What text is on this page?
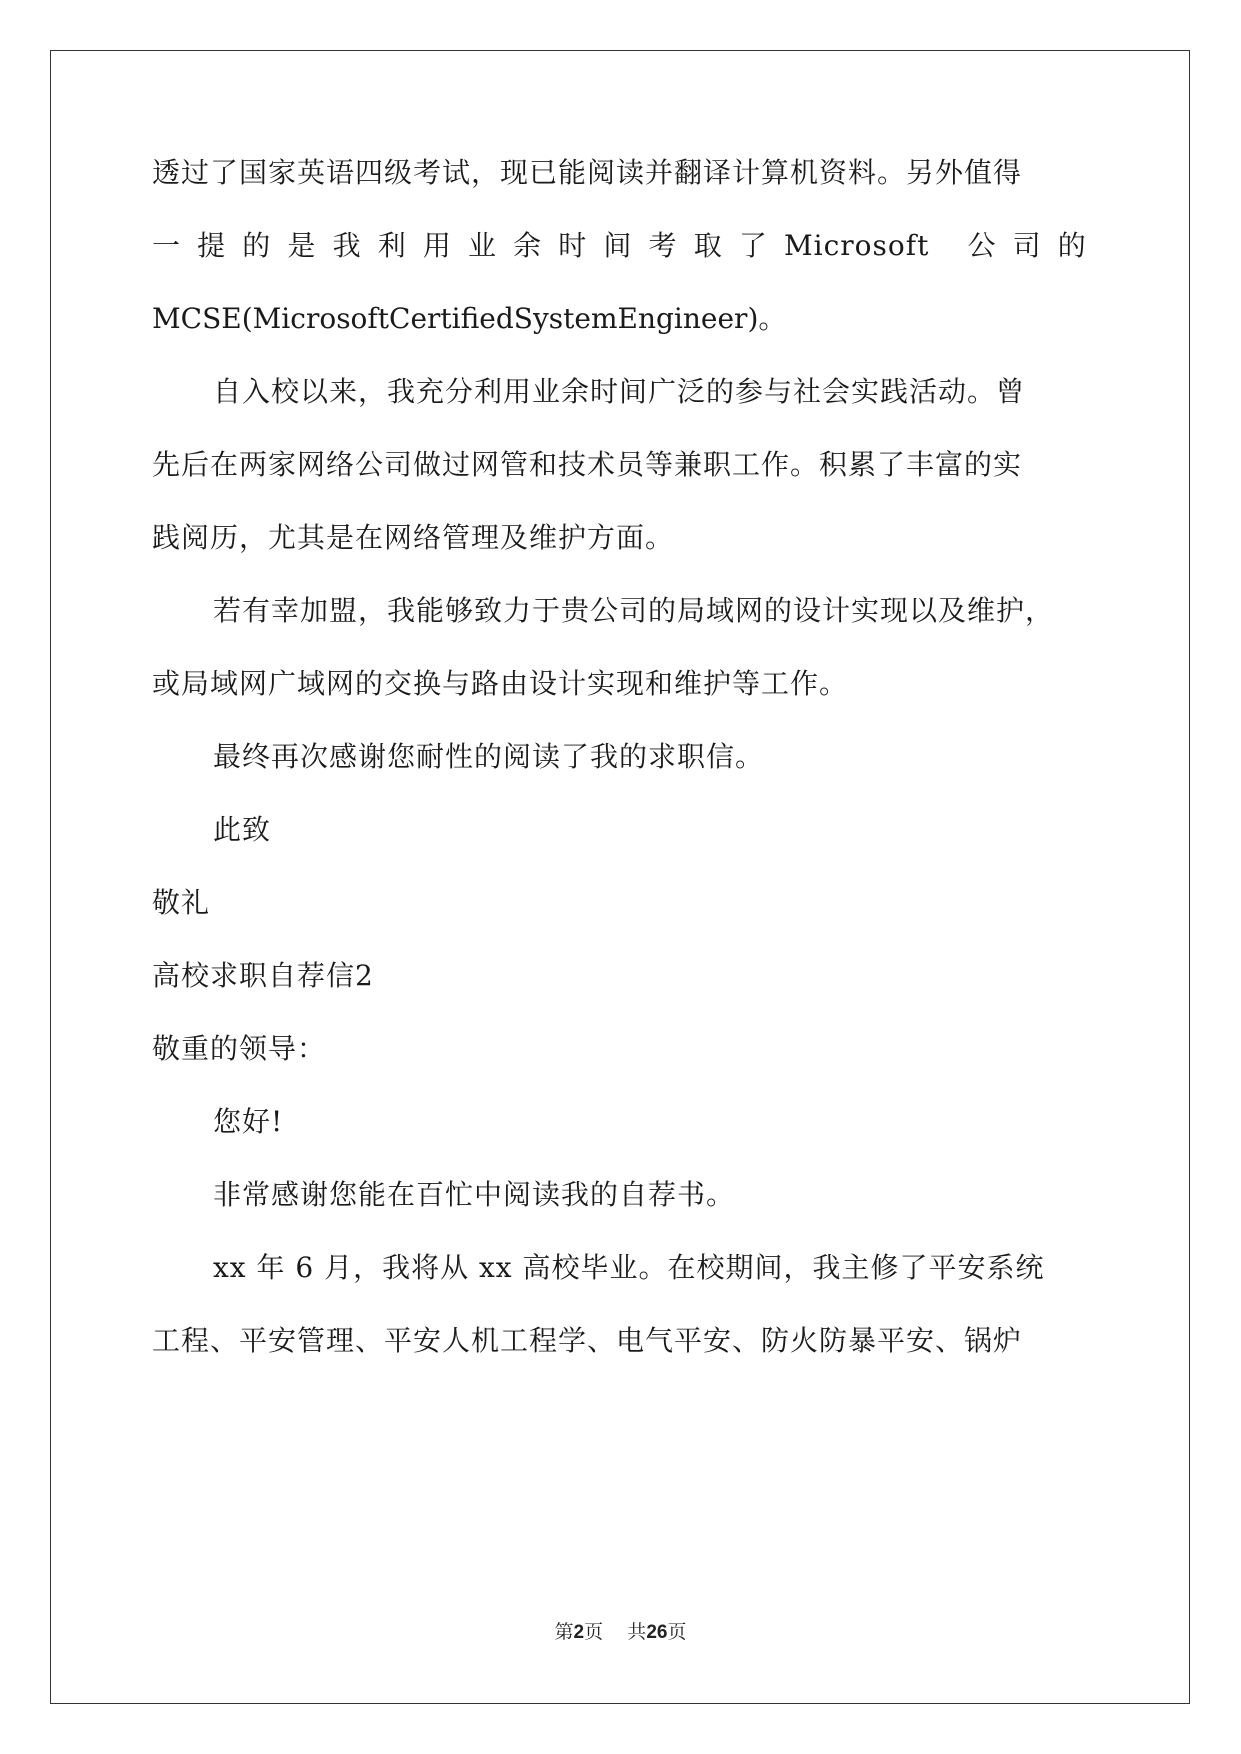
透过了国家英语四级考试，现已能阅读并翻译计算机资料。另外值得
一 提 的 是 我 利 用 业 余 时 间 考 取 了 Microsoft 公 司 的
MCSE(MicrosoftCertifiedSystemEngineer)。
自入校以来，我充分利用业余时间广泛的参与社会实践活动。曾
先后在两家网络公司做过网管和技术员等兼职工作。积累了丰富的实
践阅历，尤其是在网络管理及维护方面。
若有幸加盟，我能够致力于贵公司的局域网的设计实现以及维护，
或局域网广域网的交换与路由设计实现和维护等工作。
最终再次感谢您耐性的阅读了我的求职信。
此致
敬礼
高校求职自荐信2
敬重的领导：
您好!
非常感谢您能在百忙中阅读我的自荐书。
xx 年 6 月，我将从 xx 高校毕业。在校期间，我主修了平安系统
工程、平安管理、平安人机工程学、电气平安、防火防暴平安、锅炉
第2页 共26页
